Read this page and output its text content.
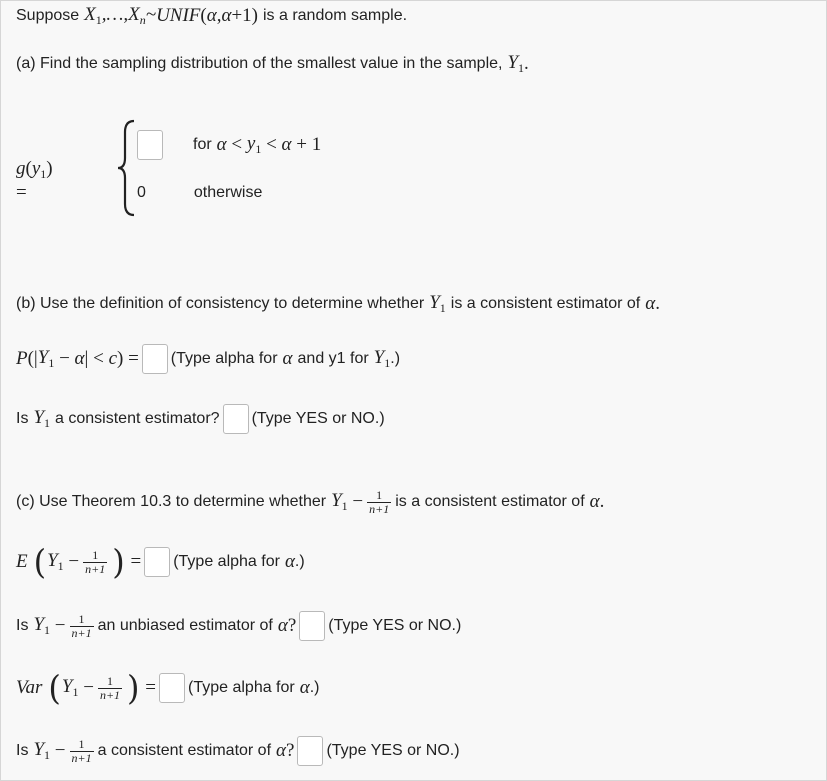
Suppose $X_1,\dots,X_n\sim$ UNIF ( α , α +1) is a random sample.
(a) Find the sampling distribution of the smallest value in the sample, $Y_1$ .
$g(y_1)$ =
for $\alpha < y_1 < \alpha + 1$
0	otherwise
(b) Use the definition of consistency to determine whether $Y_1$ is a consistent estimator of α .
P (| $Y_1 - \alpha$ | < c ) = (Type alpha for α and y1 for $Y_1$ .)
Is $Y_1$ a consistent estimator? (Type YES or NO.)
(c) Use Theorem 10.3 to determine whether $Y_1 - \frac{1}{n+1}$ is a consistent estimator of α .
E ( $Y_1 - \frac{1}{n+1}$ ) = (Type alpha for α .)
Is $Y_1 - \frac{1}{n+1}$ an unbiased estimator of α ? (Type YES or NO.)
Var ( $Y_1 - \frac{1}{n+1}$ ) = (Type alpha for α .)
Is $Y_1 - \frac{1}{n+1}$ a consistent estimator of α ? (Type YES or NO.)
